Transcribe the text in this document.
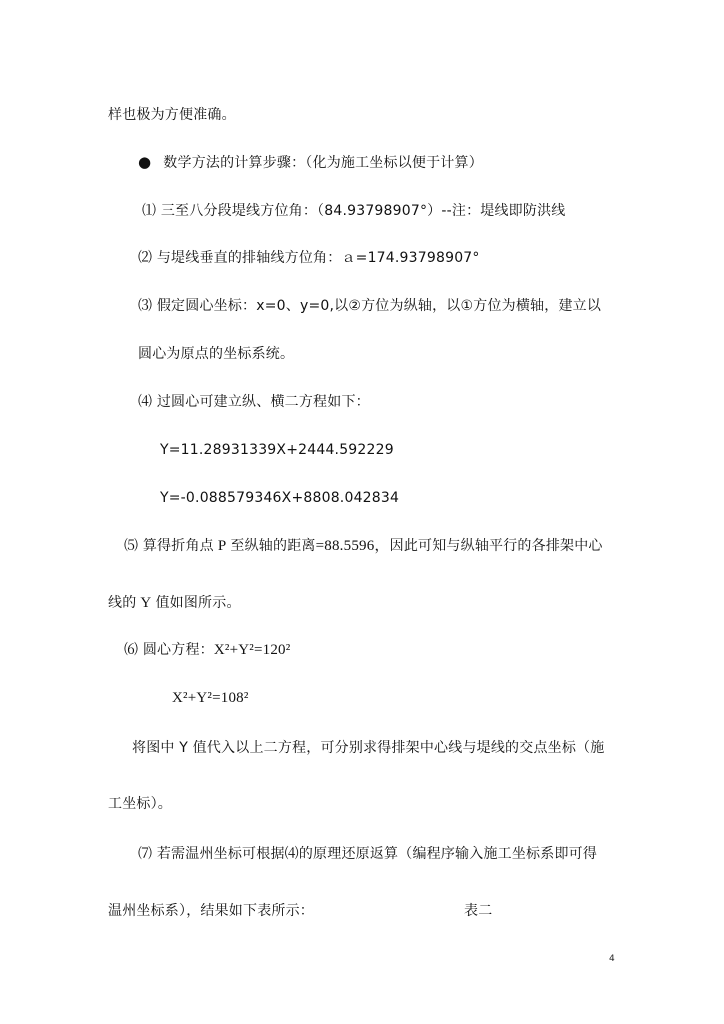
样也极为方便准确。
● 数学方法的计算步骤：（化为施工坐标以便于计算）
⑴ 三至八分段堤线方位角：（84.93798907°）--注：堤线即防洪线
⑵ 与堤线垂直的排轴线方位角：ａ=174.93798907°
⑶ 假定圆心坐标：x=0、y=0,以②方位为纵轴，以①方位为横轴，建立以
圆心为原点的坐标系统。
⑷ 过圆心可建立纵、横二方程如下：
Y=11.28931339X+2444.592229
Y=-0.088579346X+8808.042834
⑸ 算得折角点 P 至纵轴的距离=88.5596，因此可知与纵轴平行的各排架中心
线的 Y 值如图所示。
⑹ 圆心方程：X²+Y²=120²
X²+Y²=108²
将图中 Y 值代入以上二方程，可分别求得排架中心线与堤线的交点坐标（施
工坐标）。
⑺ 若需温州坐标可根据⑷的原理还原返算（编程序输入施工坐标系即可得
温州坐标系），结果如下表所示：	表二
4
